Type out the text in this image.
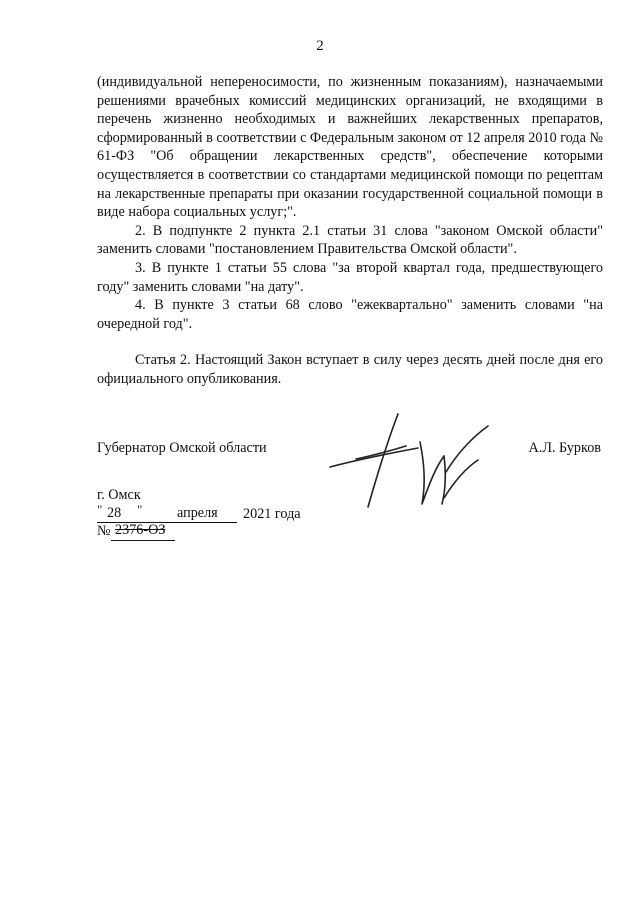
2

(индивидуальной непереносимости, по жизненным показаниям), назначаемыми решениями врачебных комиссий медицинских организаций, не входящими в перечень жизненно необходимых и важнейших лекарственных препаратов, сформированный в соответствии с Федеральным законом от 12 апреля 2010 года № 61-ФЗ "Об обращении лекарственных средств", обеспечение которыми осуществляется в соответствии со стандартами медицинской помощи по рецептам на лекарственные препараты при оказании государственной социальной помощи в виде набора социальных услуг;".

2. В подпункте 2 пункта 2.1 статьи 31 слова "законом Омской области" заменить словами "постановлением Правительства Омской области".

3. В пункте 1 статьи 55 слова "за второй квартал года, предшествующего году" заменить словами "на дату".

4. В пункте 3 статьи 68 слово "ежеквартально" заменить словами "на очередной год".

Статья 2. Настоящий Закон вступает в силу через десять дней после дня его официального опубликования.

Губернатор Омской области	А.Л. Бурков
г. Омск
" 28 " апреля 2021 года
№ 2376-ОЗ
